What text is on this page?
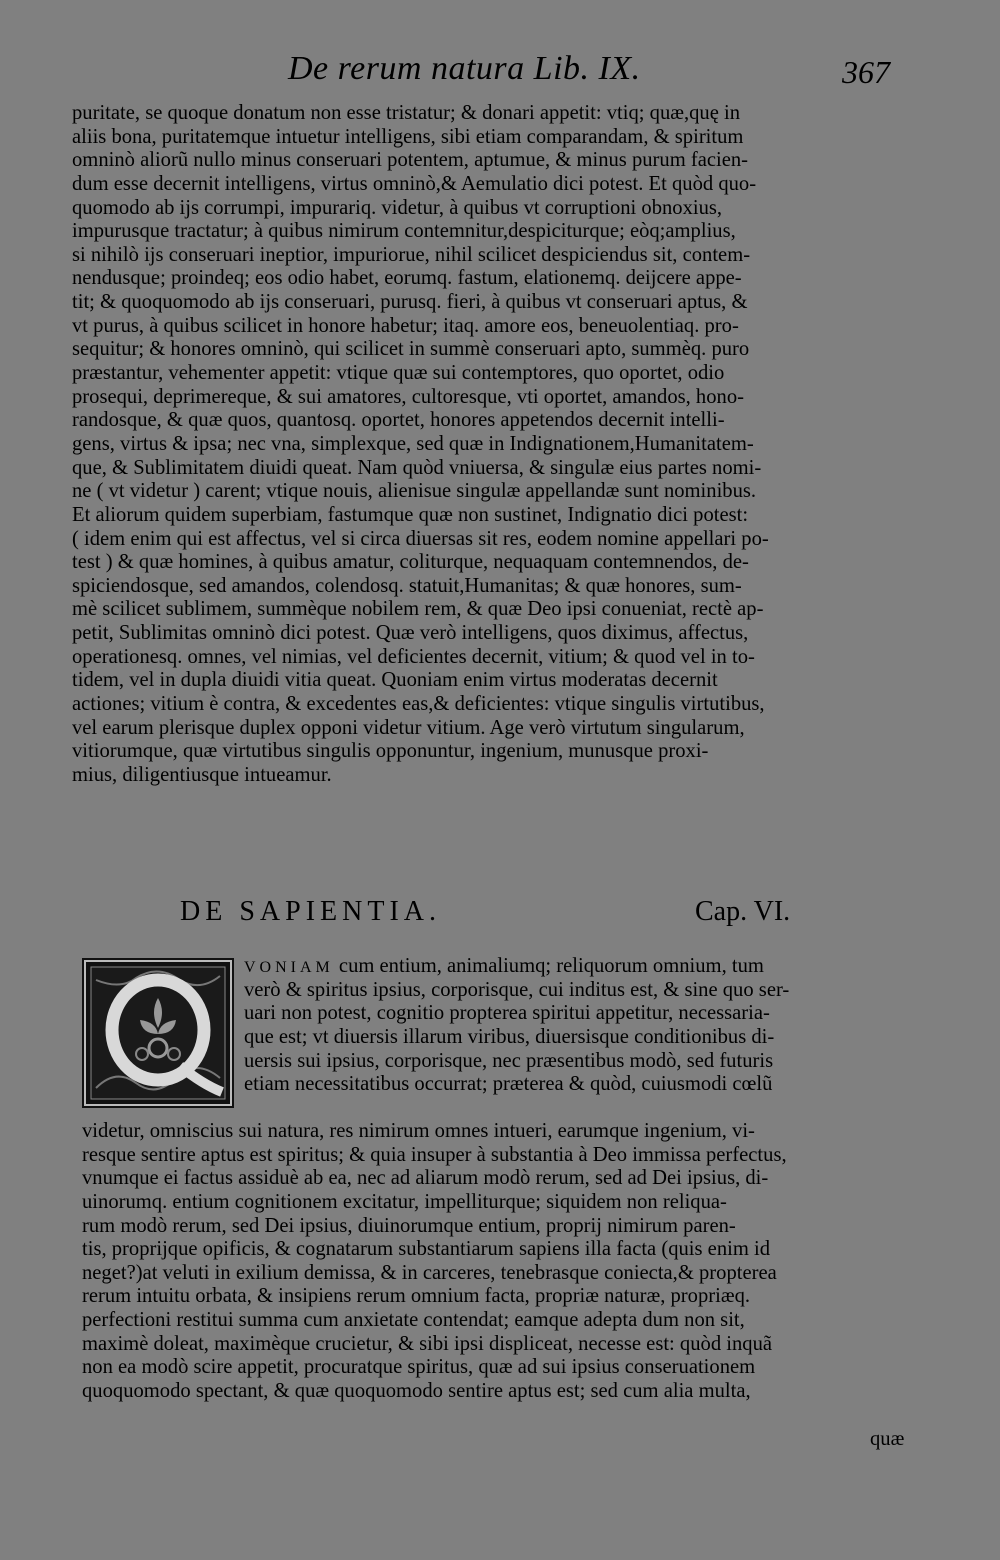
De rerum natura Lib. IX.	367
puritate, se quoque donatum non esse tristatur; & donari appetit: vtiq; quæ,quę in
aliis bona, puritatemque intuetur intelligens, sibi etiam comparandam, & spiritum
omninò aliorũ nullo minus conseruari potentem, aptumue, & minus purum facien-
dum esse decernit intelligens, virtus omninò,& Aemulatio dici potest. Et quòd quo-
quomodo ab ijs corrumpi, impurariq. videtur, à quibus vt corruptioni obnoxius,
impurusque tractatur; à quibus nimirum contemnitur,despiciturque; eòq;amplius,
si nihilò ijs conseruari ineptior, impuriorue, nihil scilicet despiciendus sit, contem-
nendusque; proindeq; eos odio habet, eorumq. fastum, elationemq. deijcere appe-
tit; & quoquomodo ab ijs conseruari, purusq. fieri, à quibus vt conseruari aptus, &
vt purus, à quibus scilicet in honore habetur; itaq. amore eos, beneuolentiaq. pro-
sequitur; & honores omninò, qui scilicet in summè conseruari apto, summèq. puro
præstantur, vehementer appetit: vtique quæ sui contemptores, quo oportet, odio
prosequi, deprimereque, & sui amatores, cultoresque, vti oportet, amandos, hono-
randosque, & quæ quos, quantosq. oportet, honores appetendos decernit intelli-
gens, virtus & ipsa; nec vna, simplexque, sed quæ in Indignationem,Humanitatem-
que, & Sublimitatem diuidi queat. Nam quòd vniuersa, & singulæ eius partes nomi-
ne ( vt videtur ) carent; vtique nouis, alienisue singulæ appellandæ sunt nominibus.
Et aliorum quidem superbiam, fastumque quæ non sustinet, Indignatio dici potest:
( idem enim qui est affectus, vel si circa diuersas sit res, eodem nomine appellari po-
test ) & quæ homines, à quibus amatur, coliturque, nequaquam contemnendos, de-
spiciendosque, sed amandos, colendosq. statuit,Humanitas; & quæ honores, sum-
mè scilicet sublimem, summèque nobilem rem, & quæ Deo ipsi conueniat, rectè ap-
petit, Sublimitas omninò dici potest. Quæ verò intelligens, quos diximus, affectus,
operationesq. omnes, vel nimias, vel deficientes decernit, vitium; & quod vel in to-
tidem, vel in dupla diuidi vitia queat. Quoniam enim virtus moderatas decernit
actiones; vitium è contra, & excedentes eas,& deficientes: vtique singulis virtutibus,
vel earum plerisque duplex opponi videtur vitium. Age verò virtutum singularum,
vitiorumque, quæ virtutibus singulis opponuntur, ingenium, munusque proxi-
mius, diligentiusque intueamur.
DE SAPIENTIA.	Cap. VI.
VONIAM cum entium, animaliumq; reliquorum omnium, tum
verò & spiritus ipsius, corporisque, cui inditus est, & sine quo ser-
uari non potest, cognitio propterea spiritui appetitur, necessaria-
que est; vt diuersis illarum viribus, diuersisque conditionibus di-
uersis sui ipsius, corporisque, nec præsentibus modò, sed futuris
etiam necessitatibus occurrat; præterea & quòd, cuiusmodi cœlũ
videtur, omniscius sui natura, res nimirum omnes intueri, earumque ingenium, vi-
resque sentire aptus est spiritus; & quia insuper à substantia à Deo immissa perfectus,
vnumque ei factus assiduè ab ea, nec ad aliarum modò rerum, sed ad Dei ipsius, di-
uinorumq. entium cognitionem excitatur, impelliturque; siquidem non reliqua-
rum modò rerum, sed Dei ipsius, diuinorumque entium, proprij nimirum paren-
tis, proprijque opificis, & cognatarum substantiarum sapiens illa facta (quis enim id
neget?)at veluti in exilium demissa, & in carceres, tenebrasque coniecta,& propterea
rerum intuitu orbata, & insipiens rerum omnium facta, propriæ naturæ, propriæq.
perfectioni restitui summa cum anxietate contendat; eamque adepta dum non sit,
maximè doleat, maximèque crucietur, & sibi ipsi displiceat, necesse est: quòd inquã
non ea modò scire appetit, procuratque spiritus, quæ ad sui ipsius conseruationem
quoquomodo spectant, & quæ quoquomodo sentire aptus est; sed cum alia multa,
quæ
